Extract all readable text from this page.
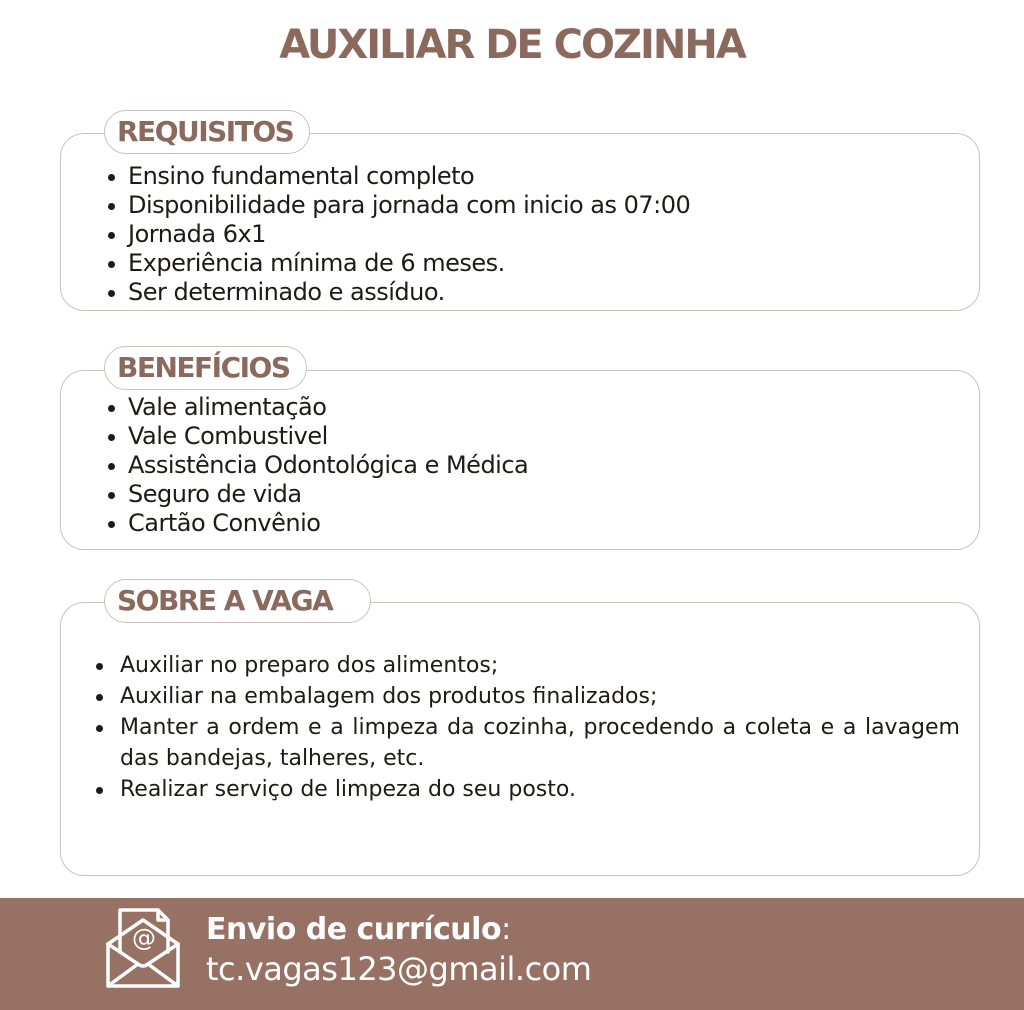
AUXILIAR DE COZINHA
REQUISITOS
Ensino fundamental completo
Disponibilidade para jornada com inicio as 07:00
Jornada 6x1
Experiência mínima de 6 meses.
Ser determinado e assíduo.
BENEFÍCIOS
Vale alimentação
Vale Combustivel
Assistência Odontológica e Médica
Seguro de vida
Cartão Convênio
SOBRE A VAGA
Auxiliar no preparo dos alimentos;
Auxiliar na embalagem dos produtos finalizados;
Manter a ordem e a limpeza da cozinha, procedendo a coleta e a lavagem das bandejas, talheres, etc.
Realizar serviço de limpeza do seu posto.
@ Envio de currículo:
tc.vagas123@gmail.com
